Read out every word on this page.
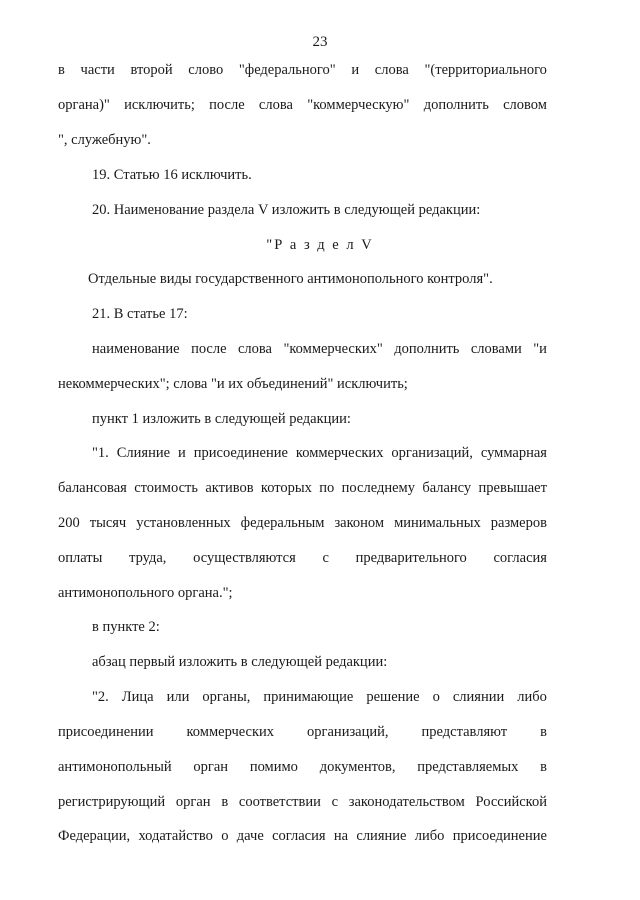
23
в части второй слово "федерального" и слова "(территориального
органа)" исключить; после слова "коммерческую" дополнить словом
", служебную".
19. Статью 16 исключить.
20. Наименование раздела V изложить в следующей редакции:
"Р а з д е л V
Отдельные виды государственного антимонопольного контроля".
21. В статье 17:
наименование после слова "коммерческих" дополнить словами "и
некоммерческих"; слова "и их объединений" исключить;
пункт 1 изложить в следующей редакции:
"1. Слияние и присоединение коммерческих организаций, суммарная
балансовая стоимость активов которых по последнему балансу превышает
200 тысяч установленных федеральным законом минимальных размеров
оплаты труда, осуществляются с предварительного согласия
антимонопольного органа.";
в пункте 2:
абзац первый изложить в следующей редакции:
"2. Лица или органы, принимающие решение о слиянии либо
присоединении коммерческих организаций, представляют в
антимонопольный орган помимо документов, представляемых в
регистрирующий орган в соответствии с законодательством Российской
Федерации, ходатайство о даче согласия на слияние либо присоединение
